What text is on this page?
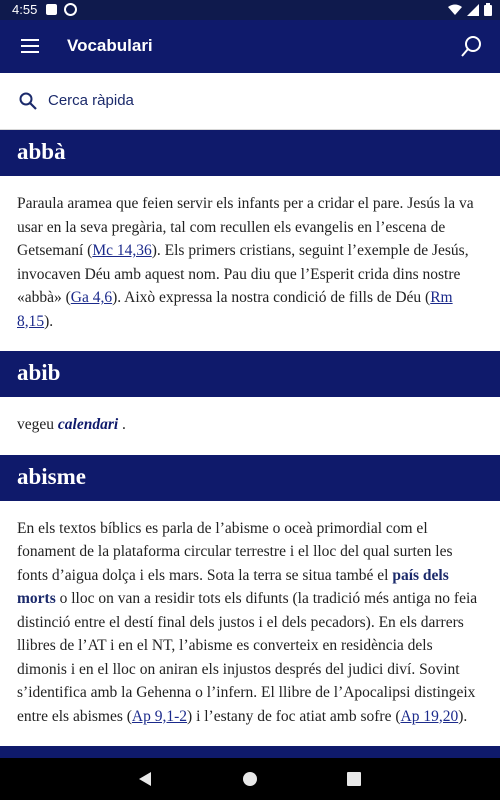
4:55
Vocabulari
Cerca ràpida
abbà
Paraula aramea que feien servir els infants per a cridar el pare. Jesús la va usar en la seva pregària, tal com recullen els evangelis en l’escena de Getsemaní (Mc 14,36). Els primers cristians, seguint l’exemple de Jesús, invocaven Déu amb aquest nom. Pau diu que l’Esperit crida dins nostre «abbà» (Ga 4,6). Això expressa la nostra condició de fills de Déu (Rm 8,15).
abib
vegeu calendari .
abisme
En els textos bíblics es parla de l’abisme o oceà primordial com el fonament de la plataforma circular terrestre i el lloc del qual surten les fonts d’aigua dolça i els mars. Sota la terra se situa també el país dels morts o lloc on van a residir tots els difunts (la tradició més antiga no feia distinció entre el destí final dels justos i el dels pecadors). En els darrers llibres de l’AT i en el NT, l’abisme es converteix en residència dels dimonis i en el lloc on aniran els injustos després del judici diví. Sovint s’identifica amb la Gehenna o l’infern. El llibre de l’Apocalipsi distingeix entre els abismes (Ap 9,1-2) i l’estany de foc atiat amb sofre (Ap 19,20).
